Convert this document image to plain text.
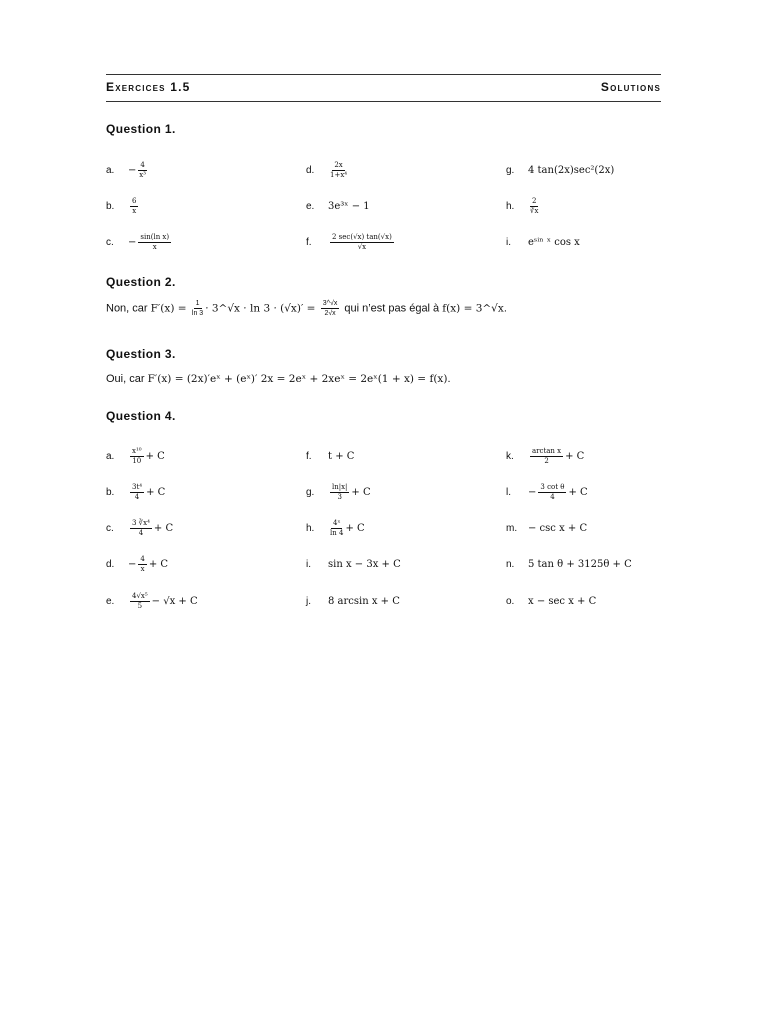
Exercices 1.5	Solutions
Question 1.
a. − $\frac{4}{\text{x³}}$
b. $\frac{6}{x}$
c. − $\frac{\text{sin(ln x)}}{x}$
d. $\frac{2x}{\text{1+x⁴}}$
e. 3e³ˣ − 1
f.	$\frac{2 \sec(√x) \tan(√x)}{√x}$
g. 4 tan(2x)sec²(2x)
h. $\frac{2}{∛x}$
i. eˢⁱⁿ ˣ cos x
Question 2.
Non, car $F'(x) = \frac{1}{\ln 3}$ · 3^√x · $\ln 3 \cdot (√x)' = \frac{3\^{}√x}{2√x}$ qui n’est pas égal à f(x) = 3^√x.
Question 3.
Oui, car F′(x) = (2x)′eˣ + (eˣ)′ 2x = 2eˣ + 2xeˣ = 2eˣ(1 + x) = f(x).
Question 4.
a. $\frac{\text{x¹⁰}}{10} + C$
b. $\frac{\text{3t⁴}}{4} + C$
c. $\frac{\text{3 ∛x⁴}}{4} + C$
d. − $\frac{4}{x} + C$
e. $\frac{\text{4√x⁵}}{5} - √x + C$
f. t + C
g. $\frac{\ln|x|}{3} + C$
h. $\frac{\text{4ˣ}}{\ln 4} + C$
i. sin x − 3x + C
j. 8 arcsin x + C
k. $\frac{\text{arctan x}}{2} + C$
l. − $\frac{\text{3 cot θ}}{4} + C$
m. − csc x + C
n. 5 tan θ + 3125θ + C
o. x − sec x + C
